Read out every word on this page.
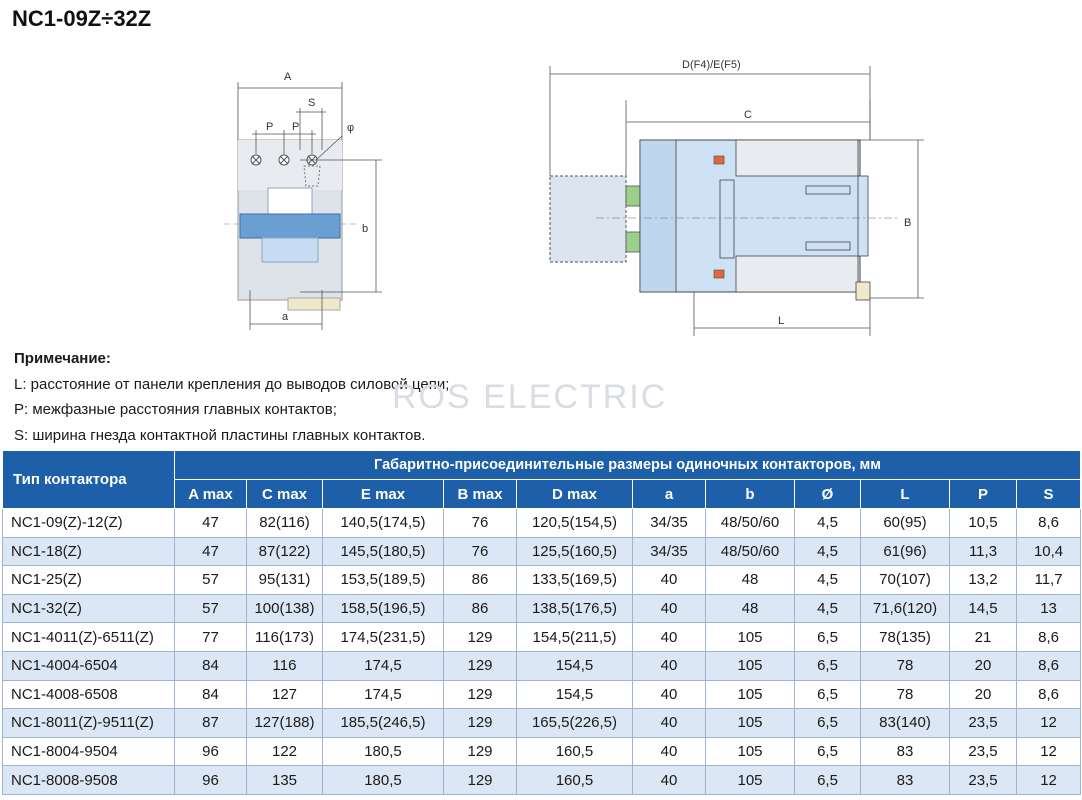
NC1-09Z÷32Z
A
S
P P	φ
b
a
D(F4)/E(F5)
C
B
L
Примечание:
L: расстояние от панели крепления до выводов силовой цепи;
P: межфазные расстояния главных контактов;
S: ширина гнезда контактной пластины главных контактов.
ROS ELECTRIC
Тип контактора	Габаритно-присоединительные размеры одиночных контакторов, мм										
	A max	C max	E max	B max	D max	a	b	Ø	L	P	S
NC1-09(Z)-12(Z)	47	82(116)	140,5(174,5)	76	120,5(154,5)	34/35	48/50/60	4,5	60(95)	10,5	8,6
NC1-18(Z)	47	87(122)	145,5(180,5)	76	125,5(160,5)	34/35	48/50/60	4,5	61(96)	11,3	10,4
NC1-25(Z)	57	95(131)	153,5(189,5)	86	133,5(169,5)	40	48	4,5	70(107)	13,2	11,7
NC1-32(Z)	57	100(138)	158,5(196,5)	86	138,5(176,5)	40	48	4,5	71,6(120)	14,5	13
NC1-4011(Z)-6511(Z)	77	116(173)	174,5(231,5)	129	154,5(211,5)	40	105	6,5	78(135)	21	8,6
NC1-4004-6504	84	116	174,5	129	154,5	40	105	6,5	78	20	8,6
NC1-4008-6508	84	127	174,5	129	154,5	40	105	6,5	78	20	8,6
NC1-8011(Z)-9511(Z)	87	127(188)	185,5(246,5)	129	165,5(226,5)	40	105	6,5	83(140)	23,5	12
NC1-8004-9504	96	122	180,5	129	160,5	40	105	6,5	83	23,5	12
NC1-8008-9508	96	135	180,5	129	160,5	40	105	6,5	83	23,5	12
